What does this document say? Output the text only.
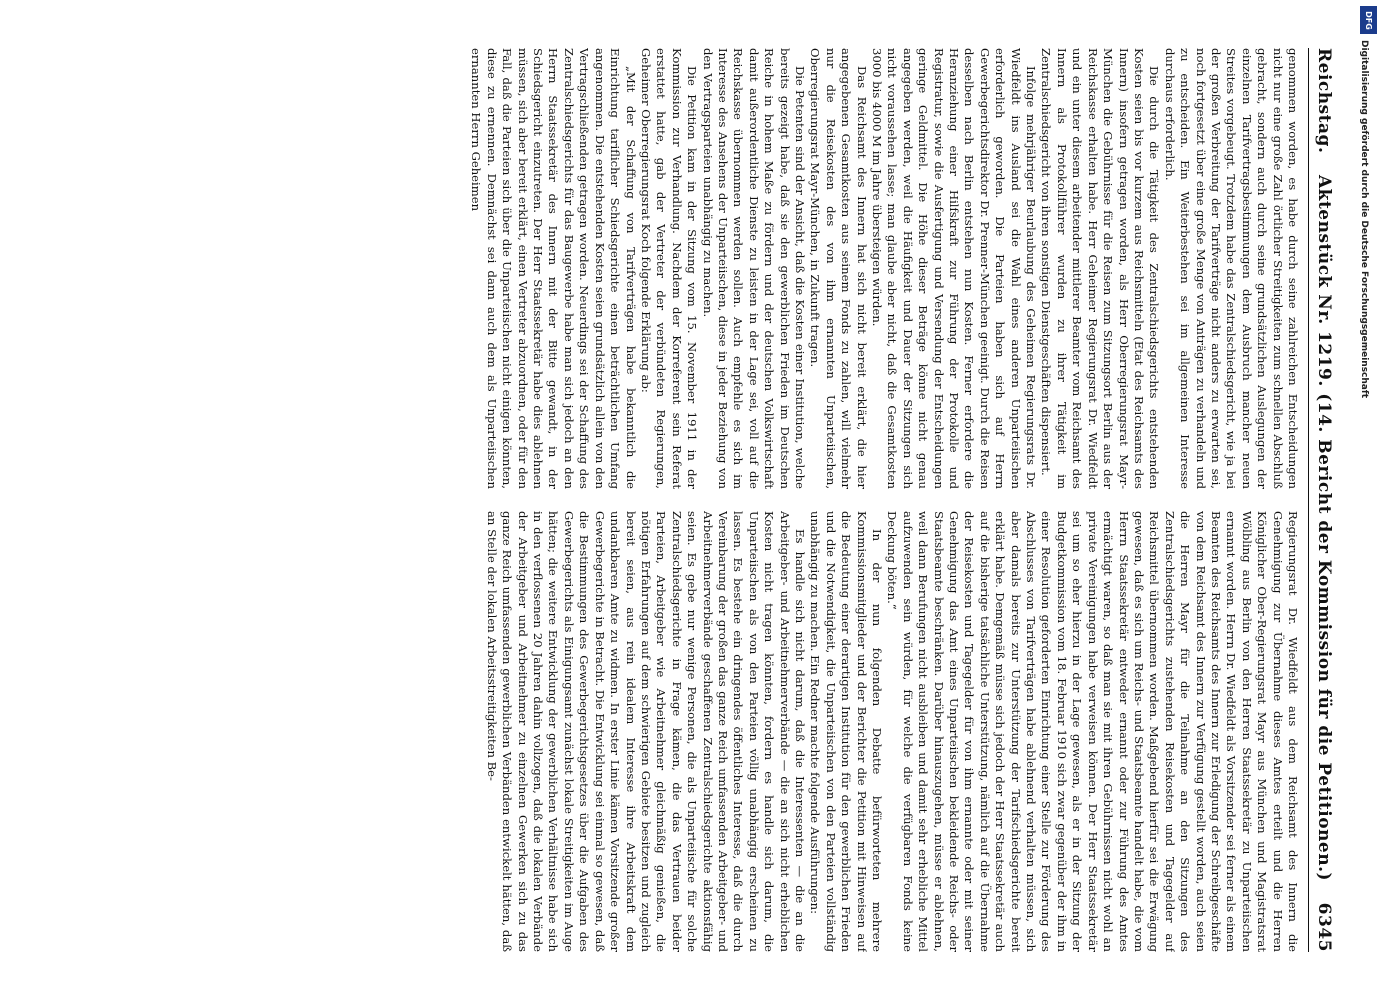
Reichstag.
Aktenstück Nr. 1219. (14. Bericht der Kommission für die Petitionen.)
6345

genommen worden, es habe durch seine zahlreichen Entscheidungen nicht nur eine große Zahl örtlicher Streitigkeiten zum schnellen Abschluß gebracht, sondern auch durch seine grundsätzlichen Auslegungen der einzelnen Tarifvertragsbestimmungen dem Ausbruch mancher neuen Streites vorgebeugt. Trotzdem habe das Zentralschiedsgericht, wie ja bei der großen Verbreitung der Tarifverträge nicht anders zu erwarten sei, noch fortgesetzt über eine große Menge von Anträgen zu verhandeln und zu entscheiden. Ein Weiterbestehen sei im allgemeinen Interesse durchaus erforderlich.

Die durch die Tätigkeit des Zentralschiedsgerichts entstehenden Kosten seien bis vor kurzem aus Reichsmitteln (Etat des Reichsamts des Innern) insofern getragen worden, als Herr Oberregierungsrat Mayr-München die Gebührnisse für die Reisen zum Sitzungsort Berlin aus der Reichskasse erhalten habe. Herr Geheimer Regierungsrat Dr. Wiedfeldt und ein unter diesem arbeitender mittlerer Beamter vom Reichsamt des Innern als Protokollführer wurden zu ihrer Tätigkeit im Zentralschiedsgericht von ihren sonstigen Dienstgeschäften dispensiert.

Infolge mehrjähriger Beurlaubung des Geheimen Regierungsrats Dr. Wiedfeldt ins Ausland sei die Wahl eines anderen Unparteiischen erforderlich geworden. Die Parteien haben sich auf Herrn Gewerbegerichtsdirektor Dr. Prenner-München geeinigt. Durch die Reisen desselben nach Berlin entstehen nun Kosten. Ferner erfordere die Heranziehung einer Hilfskraft zur Führung der Protokolle und Registratur, sowie die Ausfertigung und Versendung der Entscheidungen geringe Geldmittel. Die Höhe dieser Beträge könne nicht genau angegeben werden, weil die Häufigkeit und Dauer der Sitzungen sich nicht voraussehen lasse; man glaube aber nicht, daß die Gesamtkosten 3000 bis 4000 M im Jahre übersteigen würden.

Das Reichsamt des Innern hat sich nicht bereit erklärt, die hier angegebenen Gesamtkosten aus seinem Fonds zu zahlen, will vielmehr nur die Reisekosten des von ihm ernannten Unparteiischen, Oberregierungsrat Mayr-München, in Zukunft tragen.

Die Petenten sind der Ansicht, daß die Kosten einer Institution, welche bereits gezeigt habe, daß sie den gewerblichen Frieden im Deutschen Reiche in hohem Maße zu fördern und der deutschen Volkswirtschaft damit außerordentliche Dienste zu leisten in der Lage sei, voll auf die Reichskasse übernommen werden sollen. Auch empfehle es sich im Interesse des Ansehens der Unparteiischen, diese in jeder Beziehung von den Vertragsparteien unabhängig zu machen.

Die Petition kam in der Sitzung vom 15. November 1911 in der Kommission zur Verhandlung. Nachdem der Korreferent sein Referat erstattet hatte, gab der Vertreter der verbündeten Regierungen, Geheimer Oberregierungsrat Koch folgende Erklärung ab:

„Mit der Schaffung von Tarifverträgen habe bekanntlich die Einrichtung tariflicher Schiedsgerichte einen beträchtlichen Umfang angenommen. Die entstehenden Kosten seien grundsätzlich allein von den Vertragschließenden getragen worden. Neuerdings sei der Schaffung des Zentralschiedsgerichts für das Baugewerbe habe man sich jedoch an den Herrn Staatssekretär des Innern mit der Bitte gewandt, in der Schiedsgericht einzutreten. Der Herr Staatssekretär habe dies ablehnen müssen, sich aber bereit erklärt, einen Vertreter abzuordnen, oder für den Fall, daß die Parteien sich über die Unparteiischen nicht einigen könnten, diese zu ernennen. Demnächst sei dann auch dem als Unparteiischen ernannten Herrn Geheimen

Regierungsrat Dr. Wiedfeldt aus dem Reichsamt des Innern die Genehmigung zur Übernahme dieses Amtes erteilt und die Herren Königlicher Ober-Regierungsrat Mayr aus München und Magistratsrat Wölbling aus Berlin von den Herren Staatssekretär zu Unparteiischen ernannt worden. Herrn Dr. Wiedfeldt als Vorsitzender sei ferner als einem Beamten des Reichsamts des Innern zur Erledigung der Schreibgeschäfte von dem Reichsamt des Innern zur Verfügung gestellt worden, auch seien die Herren Mayr für die Teilnahme an den Sitzungen des Zentralschiedsgerichts zustehenden Reisekosten und Tagegelder auf Reichsmittel übernommen worden. Maßgebend hierfür sei die Erwägung gewesen, daß es sich um Reichs- und Staatsbeamte handelt habe, die vom Herrn Staatssekretär entweder ernannt oder zur Führung des Amtes ermächtigt waren, so daß man sie mit ihren Gebührnissen nicht wohl an private Vereinigungen habe verweisen können. Der Herr Staatssekretär sei um so eher hierzu in der Lage gewesen, als er in der Sitzung der Budgetkommission vom 18. Februar 1910 sich zwar gegenüber der ihm in einer Resolution geforderten Einrichtung einer Stelle zur Förderung des Abschlusses von Tarifverträgen habe ablehnend verhalten müssen, sich aber damals bereits zur Unterstützung der Tarifschiedsgerichte bereit erklärt habe. Demgemäß müsse sich jedoch der Herr Staatssekretär auch auf die bisherige tatsächliche Unterstützung, nämlich auf die Übernahme der Reisekosten und Tagegelder für von ihm ernannte oder mit seiner Genehmigung das Amt eines Unparteiischen bekleidende Reichs- oder Staatsbeamte beschränken. Darüber hinauszugehen, müsse er ablehnen, weil dann Berufungen nicht ausbleiben und damit sehr erhebliche Mittel aufzuwenden sein würden, für welche die verfügbaren Fonds keine Deckung böten.“

In der nun folgenden Debatte befürworteten mehrere Kommissionsmitglieder und der Berichter die Petition mit Hinweisen auf die Bedeutung einer derartigen Institution für den gewerblichen Frieden und die Notwendigkeit, die Unparteiischen von den Parteien vollständig unabhängig zu machen. Ein Redner machte folgende Ausführungen:

Es handle sich nicht darum, daß die Interessenten — die an die Arbeitgeber- und Arbeitnehmerverbände — die an sich nicht erheblichen Kosten nicht tragen könnten, fordern es handle sich darum, die Unparteiischen als von den Parteien völlig unabhängig erscheinen zu lassen. Es bestehe ein dringendes öffentliches Interesse, daß die durch Vereinbarung der großen das ganze Reich umfassenden Arbeitgeber- und Arbeitnehmerverbände geschaffenen Zentralschiedsgerichte aktionsfähig seien. Es gebe nur wenige Personen, die als Unparteiische für solche Zentralschiedsgerichte in Frage kämen, die das Vertrauen beider Parteien, Arbeitgeber wie Arbeitnehmer gleichmäßig genießen, die nötigen Erfahrungen auf dem schwierigen Gebiete besitzen und zugleich bereit seien, aus rein idealem Interesse ihre Arbeitskraft dem undankbaren Amte zu widmen. In erster Linie kämen Vorsitzende großer Gewerbegerichte in Betracht. Die Entwicklung sei einmal so gewesen, daß die Bestimmungen des Gewerbegerichtsgesetzes über die Aufgaben des Gewerbegerichts als Einigungsamt zunächst lokale Streitigkeiten im Auge hätten; die weitere Entwicklung der gewerblichen Verhältnisse habe sich in den verflossenen 20 Jahren dahin vollzogen, daß die lokalen Verbände der Arbeitgeber und Arbeitnehmer zu einzelnen Gewerken sich zu das ganze Reich umfassenden gewerblichen Verbänden entwickelt hätten, daß an Stelle der lokalen Arbeitsstreitigkeiten Be-

DFG
Digitalisierung gefördert durch die Deutsche Forschungsgemeinschaft
